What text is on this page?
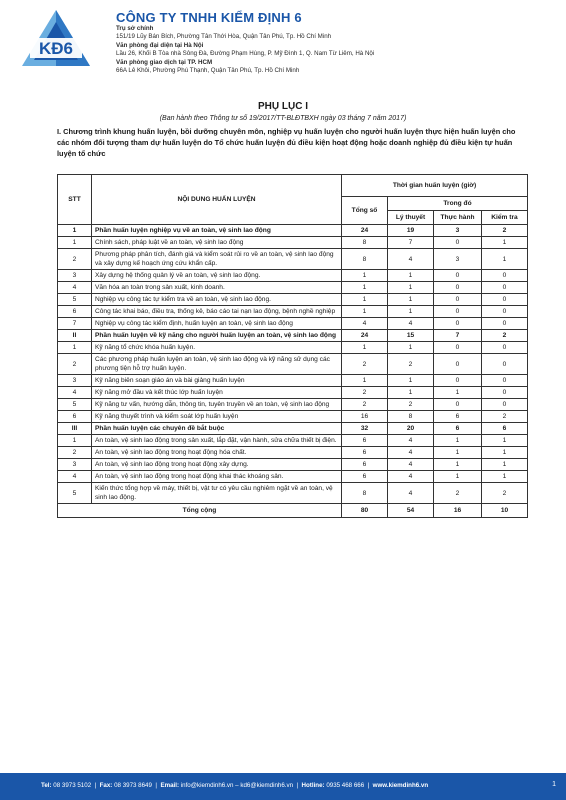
KĐ6
CÔNG TY TNHH KIỂM ĐỊNH 6
Trụ sở chính
151/19 Lũy Bán Bích, Phường Tân Thới Hòa, Quận Tân Phú, Tp. Hồ Chí Minh
Văn phòng đại diện tại Hà Nội
Lầu 26, Khối B Tòa nhà Sông Đà, Đường Phạm Hùng, P. Mỹ Đình 1, Q. Nam Từ Liêm, Hà Nội
Văn phòng giao dịch tại TP. HCM
66A Lê Khôi, Phường Phú Thạnh, Quận Tân Phú, Tp. Hồ Chí Minh
PHỤ LỤC I
(Ban hành theo Thông tư số 19/2017/TT-BLĐTBXH ngày 03 tháng 7 năm 2017)
I. Chương trình khung huấn luyện, bồi dưỡng chuyên môn, nghiệp vụ huấn luyện cho người huấn luyện thực hiện huấn luyện cho các nhóm đối tượng tham dự huấn luyện do Tổ chức huấn luyện đủ điều kiện hoạt động hoặc doanh nghiệp đủ điều kiện tự huấn luyện tổ chức
STT	NỘI DUNG HUẤN LUYỆN	Thời gian huấn luyện (giờ)			
		Tổng số	Trong đó		
			Lý thuyết	Thực hành	Kiểm tra
1	Phần huấn luyện nghiệp vụ về an toàn, vệ sinh lao động	24	19	3	2
1	Chính sách, pháp luật về an toàn, vệ sinh lao động	8	7	0	1
2	Phương pháp phân tích, đánh giá và kiểm soát rủi ro về an toàn, vệ sinh lao động và xây dựng kế hoạch ứng cứu khẩn cấp.	8	4	3	1
3	Xây dựng hệ thống quản lý về an toàn, vệ sinh lao động.	1	1	0	0
4	Văn hóa an toàn trong sản xuất, kinh doanh.	1	1	0	0
5	Nghiệp vụ công tác tự kiểm tra về an toàn, vệ sinh lao động.	1	1	0	0
6	Công tác khai báo, điều tra, thống kê, báo cáo tai nạn lao động, bệnh nghề nghiệp	1	1	0	0
7	Nghiệp vụ công tác kiểm định, huấn luyện an toàn, vệ sinh lao động	4	4	0	0
II	Phần huấn luyện về kỹ năng cho người huấn luyện an toàn, vệ sinh lao động	24	15	7	2
1	Kỹ năng tổ chức khóa huấn luyện.	1	1	0	0
2	Các phương pháp huấn luyện an toàn, vệ sinh lao động và kỹ năng sử dụng các phương tiện hỗ trợ huấn luyện.	2	2	0	0
3	Kỹ năng biên soạn giáo án và bài giảng huấn luyện	1	1	0	0
4	Kỹ năng mở đầu và kết thúc lớp huấn luyện	2	1	1	0
5	Kỹ năng tư vấn, hướng dẫn, thông tin, tuyên truyền về an toàn, vệ sinh lao động	2	2	0	0
6	Kỹ năng thuyết trình và kiểm soát lớp huấn luyện	16	8	6	2
III	Phần huấn luyện các chuyên đề bắt buộc	32	20	6	6
1	An toàn, vệ sinh lao động trong sản xuất, lắp đặt, vận hành, sửa chữa thiết bị điện.	6	4	1	1
2	An toàn, vệ sinh lao động trong hoạt động hóa chất.	6	4	1	1
3	An toàn, vệ sinh lao động trong hoạt động xây dựng.	6	4	1	1
4	An toàn, vệ sinh lao động trong hoạt động khai thác khoáng sản.	6	4	1	1
5	Kiến thức tổng hợp về máy, thiết bị, vật tư có yêu cầu nghiêm ngặt về an toàn, vệ sinh lao động.	8	4	2	2
Tổng cộng		80	54	16	10
Tel: 08 3973 5102  |  Fax: 08 3973 8649  |  Email: info@kiemdinh6.vn – kd6@kiemdinh6.vn  |  Hotline: 0935 468 666  |  www.kiemdinh6.vn	1
